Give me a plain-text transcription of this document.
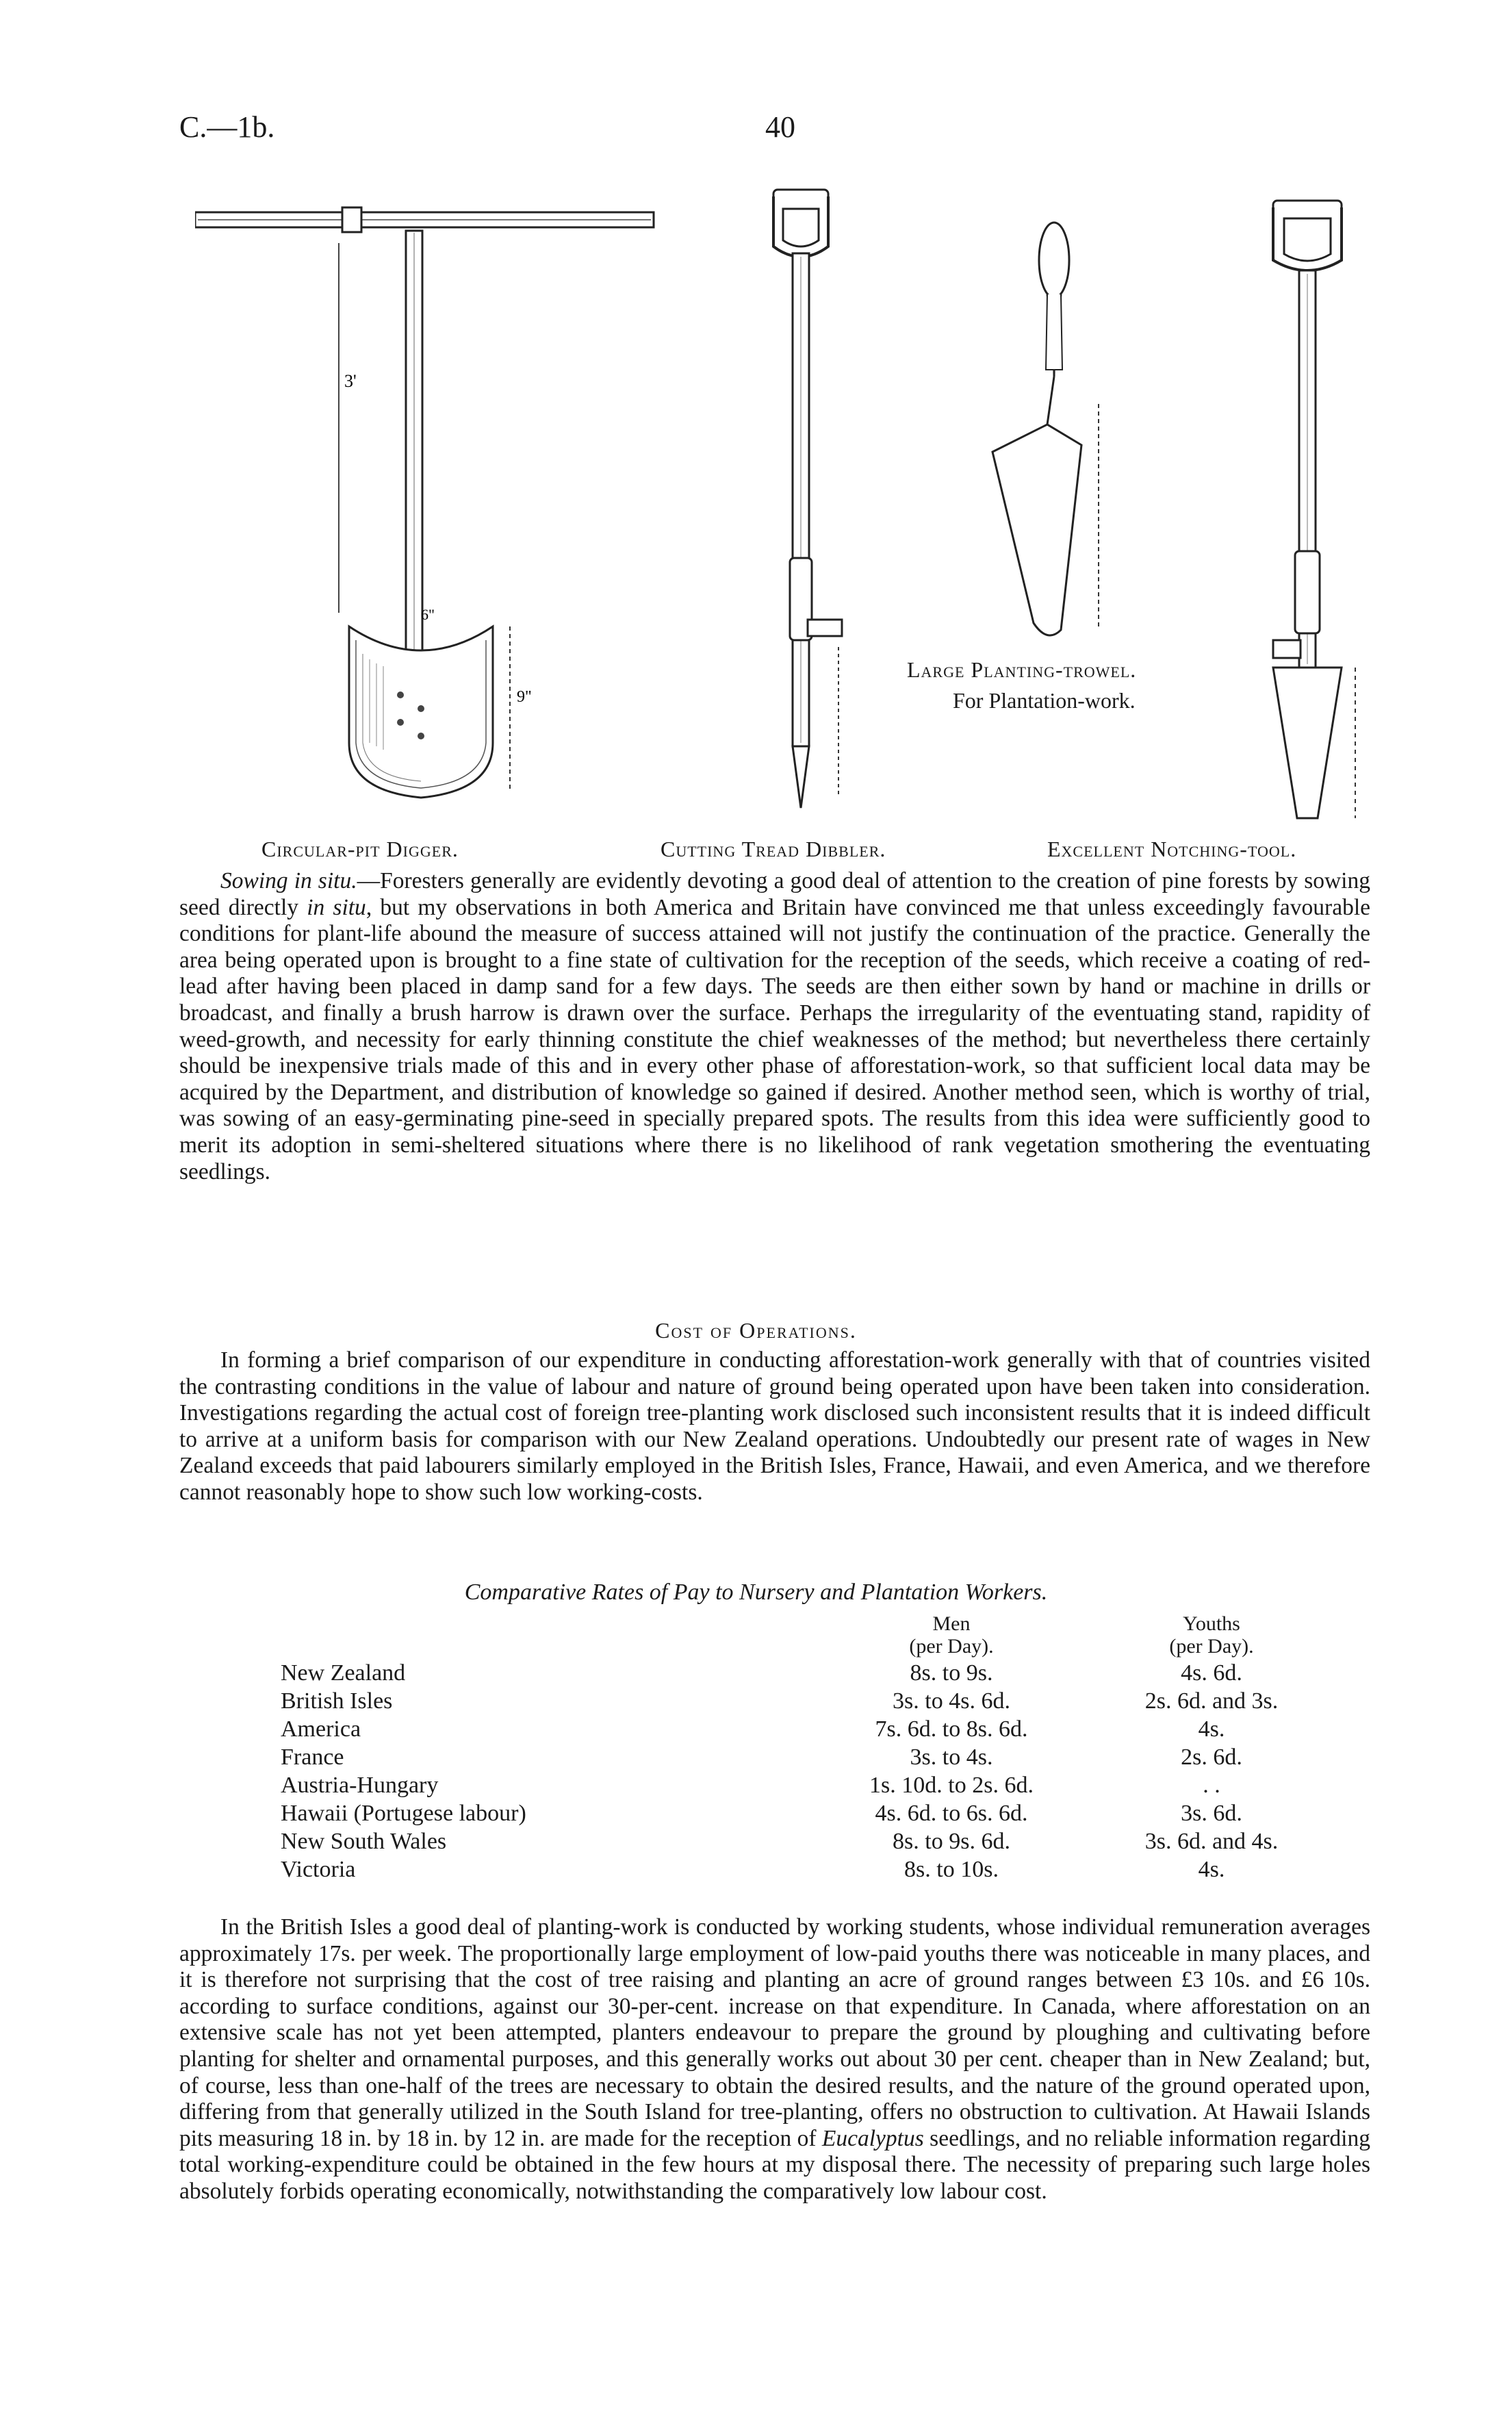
C.—1b.	40
3'
9"
6"
Circular-pit Digger.	Cutting Tread Dibbler.
Large Planting-trowel.
For Plantation-work.
Excellent Notching-tool.

Sowing in situ.—Foresters generally are evidently devoting a good deal of attention to the creation of pine forests by sowing seed directly in situ, but my observations in both America and Britain have convinced me that unless exceedingly favourable conditions for plant-life abound the measure of success attained will not justify the continuation of the practice. Generally the area being operated upon is brought to a fine state of cultivation for the reception of the seeds, which receive a coating of red-lead after having been placed in damp sand for a few days. The seeds are then either sown by hand or machine in drills or broadcast, and finally a brush harrow is drawn over the surface. Perhaps the irregularity of the eventuating stand, rapidity of weed-growth, and necessity for early thinning constitute the chief weaknesses of the method; but nevertheless there certainly should be inexpensive trials made of this and in every other phase of afforestation-work, so that sufficient local data may be acquired by the Department, and distribution of knowledge so gained if desired. Another method seen, which is worthy of trial, was sowing of an easy-germinating pine-seed in specially prepared spots. The results from this idea were sufficiently good to merit its adoption in semi-sheltered situations where there is no likelihood of rank vegetation smothering the eventuating seedlings.

Cost of Operations.

In forming a brief comparison of our expenditure in conducting afforestation-work generally with that of countries visited the contrasting conditions in the value of labour and nature of ground being operated upon have been taken into consideration. Investigations regarding the actual cost of foreign tree-planting work disclosed such inconsistent results that it is indeed difficult to arrive at a uniform basis for comparison with our New Zealand operations. Undoubtedly our present rate of wages in New Zealand exceeds that paid labourers similarly employed in the British Isles, France, Hawaii, and even America, and we therefore cannot reasonably hope to show such low working-costs.

Comparative Rates of Pay to Nursery and Plantation Workers.
Men
(per Day).
Youths
(per Day).
New Zealand	8s. to 9s.	4s. 6d.
British Isles	3s. to 4s. 6d.	2s. 6d. and 3s.
America	7s. 6d. to 8s. 6d.	4s.
France	3s. to 4s.	2s. 6d.
Austria-Hungary	1s. 10d. to 2s. 6d.	. .
Hawaii (Portugese labour)	4s. 6d. to 6s. 6d.	3s. 6d.
New South Wales	8s. to 9s. 6d.	3s. 6d. and 4s.
Victoria	8s. to 10s.	4s.

In the British Isles a good deal of planting-work is conducted by working students, whose individual remuneration averages approximately 17s. per week. The proportionally large employment of low-paid youths there was noticeable in many places, and it is therefore not surprising that the cost of tree raising and planting an acre of ground ranges between £3 10s. and £6 10s. according to surface conditions, against our 30-per-cent. increase on that expenditure. In Canada, where afforestation on an extensive scale has not yet been attempted, planters endeavour to prepare the ground by ploughing and cultivating before planting for shelter and ornamental purposes, and this generally works out about 30 per cent. cheaper than in New Zealand; but, of course, less than one-half of the trees are necessary to obtain the desired results, and the nature of the ground operated upon, differing from that generally utilized in the South Island for tree-planting, offers no obstruction to cultivation. At Hawaii Islands pits measuring 18 in. by 18 in. by 12 in. are made for the reception of Eucalyptus seedlings, and no reliable information regarding total working-expenditure could be obtained in the few hours at my disposal there. The necessity of preparing such large holes absolutely forbids operating economically, notwithstanding the comparatively low labour cost.
